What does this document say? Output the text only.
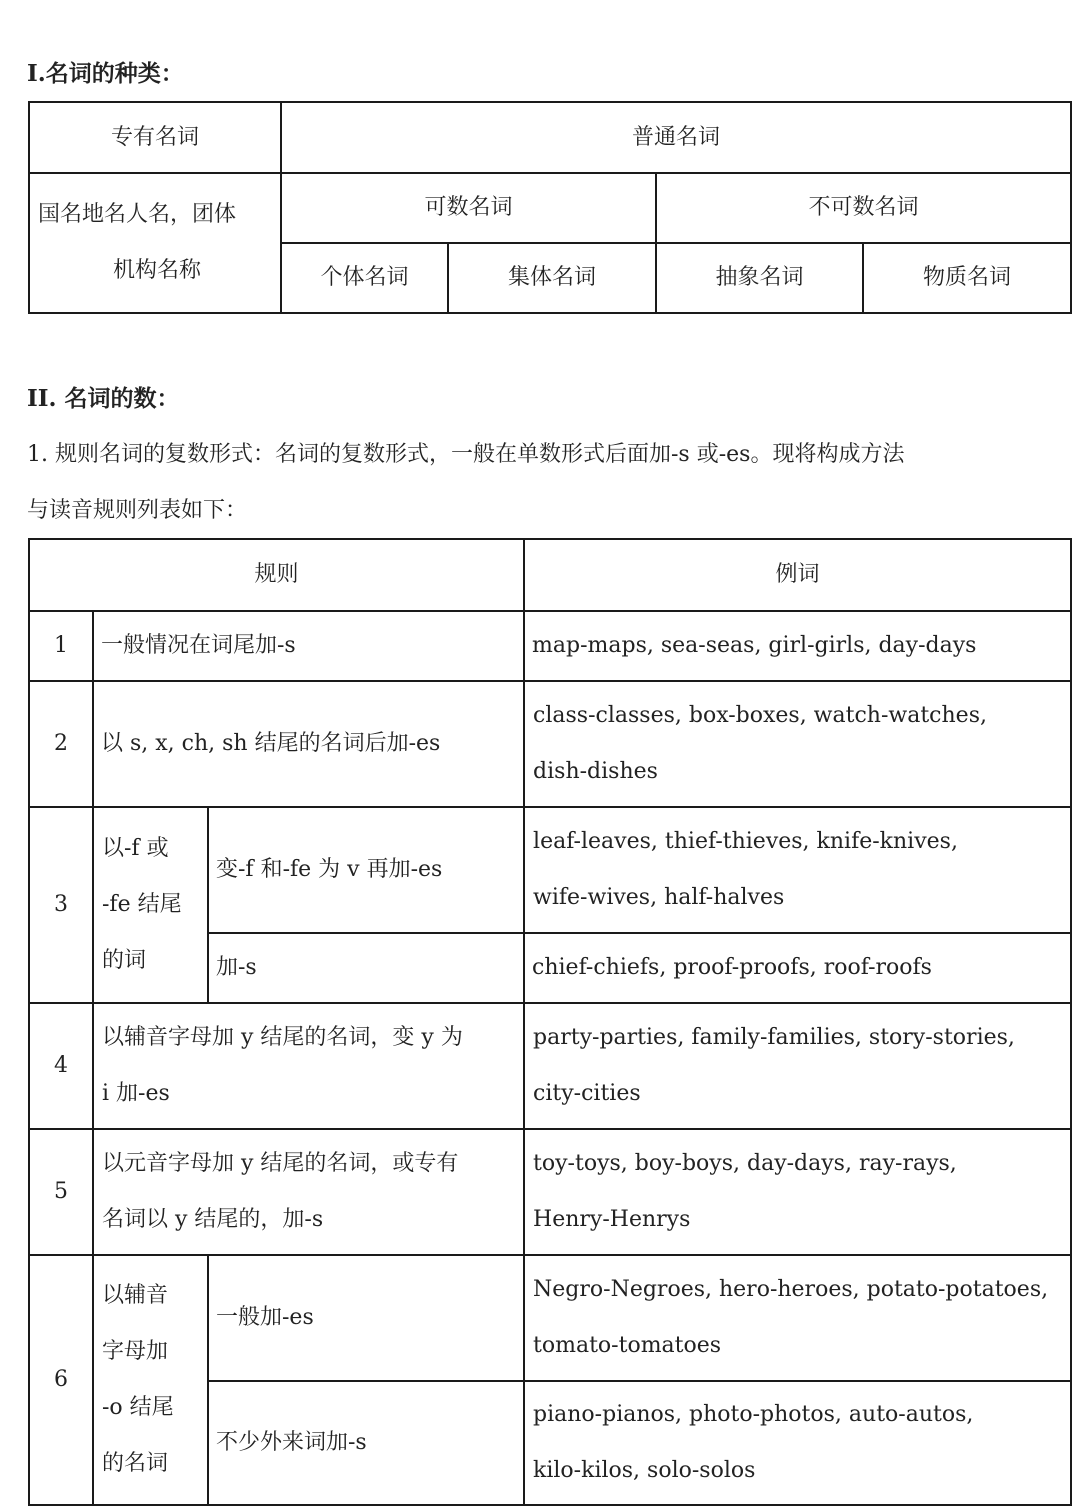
I.名词的种类：
专有名词	普通名词			

国名地名人名，团体
机构名称	可数名词		不可数名词	
	个体名词	集体名词	抽象名词	物质名词
II. 名词的数：
1. 规则名词的复数形式：名词的复数形式，一般在单数形式后面加-s 或-es。现将构成方法
与读音规则列表如下：
规则			例词
1	一般情况在词尾加-s		map-maps, sea-seas, girl-girls, day-days
2	以 s, x, ch, sh 结尾的名词后加-es		class-classes, box-boxes, watch-watches,
dish-dishes

3	以-f 或
-fe 结尾
的词	变-f 和-fe 为 v 再加-es	leaf-leaves, thief-thieves, knife-knives,
wife-wives, half-halves

		加-s	chief-chiefs, proof-proofs, roof-roofs
4	以辅音字母加 y 结尾的名词，变 y 为
i 加-es		party-parties, family-families, story-stories,
city-cities

5	以元音字母加 y 结尾的名词，或专有
名词以 y 结尾的，加-s		toy-toys, boy-boys, day-days, ray-rays,
Henry-Henrys

6	以辅音
字母加
-o 结尾
的名词	一般加-es	Negro-Negroes, hero-heroes, potato-potatoes,
tomato-tomatoes

		不少外来词加-s	piano-pianos, photo-photos, auto-autos,
kilo-kilos, solo-solos
